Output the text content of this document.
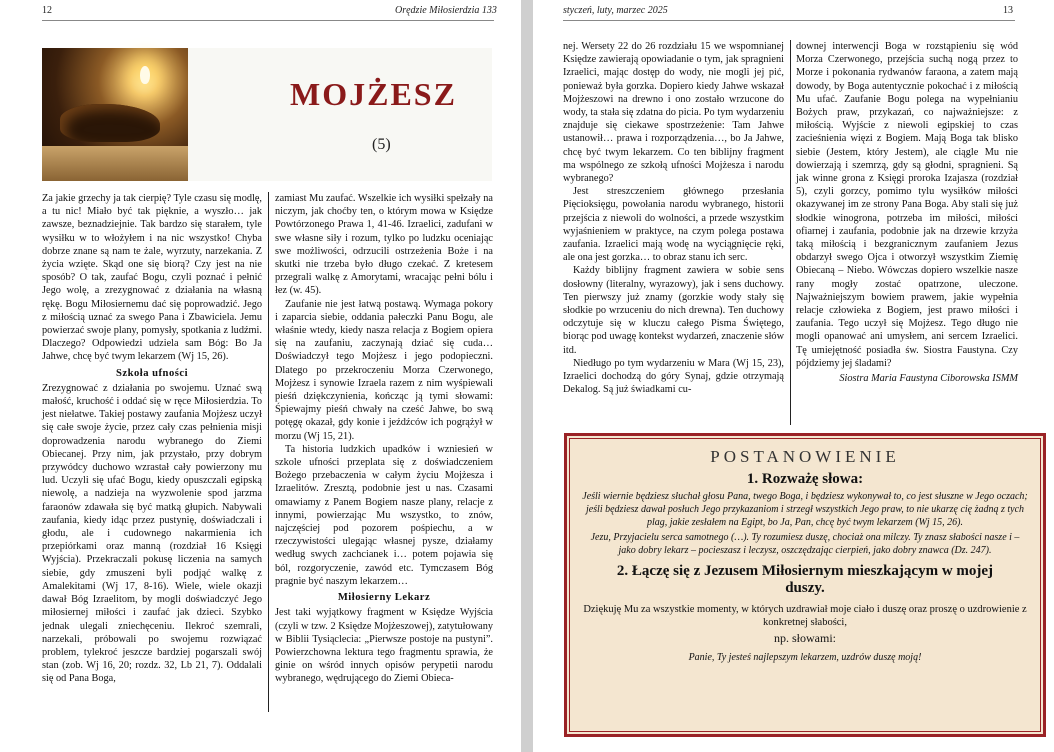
12	Orędzie Miłosierdzia 133
MOJŻESZ
(5)

Za jakie grzechy ja tak cierpię? Tyle czasu się modlę, a tu nic! Miało być tak pięknie, a wyszło… jak zawsze, beznadziejnie. Tak bardzo się starałem, tyle wysiłku w to włożyłem i na nic wszystko! Chyba dobrze znane są nam te żale, wyrzuty, narzekania. Z życia wzięte. Skąd one się biorą? Czy jest na nie sposób? O tak, zaufać Bogu, czyli poznać i pełnić Jego wolę, a zrezygnować z działania na własną rękę. Bogu Miłosiernemu dać się poprowadzić. Jego z miłością uznać za swego Pana i Zbawiciela. Jemu powierzać swoje plany, pomysły, spotkania z ludźmi. Dlaczego? Odpowiedzi udziela sam Bóg: Bo Ja Jahwe, chcę być twym lekarzem (Wj 15, 26).

Szkoła ufności

Zrezygnować z działania po swojemu. Uznać swą małość, kruchość i oddać się w ręce Miłosierdzia. To jest niełatwe. Takiej postawy zaufania Mojżesz uczył się całe swoje życie, przez cały czas pełnienia misji doprowadzenia narodu wybranego do Ziemi Obiecanej. Przy nim, jak przystało, przy dobrym przywódcy duchowo wzrastał cały powierzony mu lud. Uczyli się ufać Bogu, kiedy opuszczali egipską niewolę, a nadzieja na wyzwolenie spod jarzma faraonów zdawała się być matką głupich. Nabywali zaufania, kiedy idąc przez pustynię, doświadczali i głodu, ale i cudownego nakarmienia ich przepiórkami oraz manną (rozdział 16 Księgi Wyjścia). Przekraczali pokusę liczenia na samych siebie, gdy zmuszeni byli podjąć walkę z Amalekitami (Wj 17, 8-16). Wiele, wiele okazji dawał Bóg Izraelitom, by mogli doświadczyć Jego miłosiernej miłości i zaufać jak dzieci. Szybko jednak ulegali zniechęceniu. Ilekroć szemrali, narzekali, próbowali po swojemu rozwiązać problem, tylekroć jeszcze bardziej pogarszali swój stan (zob. Wj 16, 20; rozdz. 32, Lb 21, 7). Oddalali się od Pana Boga,

zamiast Mu zaufać. Wszelkie ich wysiłki spełzały na niczym, jak choćby ten, o którym mowa w Księdze Powtórzonego Prawa 1, 41-46. Izraelici, zadufani w swe własne siły i rozum, tylko po ludzku oceniając swe możliwości, odrzucili ostrzeżenia Boże i na skutki nie trzeba było długo czekać. Z kretesem przegrali walkę z Amorytami, wracając pełni bólu i łez (w. 45).

Zaufanie nie jest łatwą postawą. Wymaga pokory i zaparcia siebie, oddania pałeczki Panu Bogu, ale właśnie wtedy, kiedy nasza relacja z Bogiem opiera się na zaufaniu, zaczynają dziać się cuda… Doświadczył tego Mojżesz i jego podopieczni. Dlatego po przekroczeniu Morza Czerwonego, Mojżesz i synowie Izraela razem z nim wyśpiewali pieśń dziękczynienia, kończąc ją tymi słowami: Śpiewajmy pieśń chwały na cześć Jahwe, bo swą potęgę okazał, gdy konie i jeźdźców ich pogrążył w morzu (Wj 15, 21).

Ta historia ludzkich upadków i wzniesień w szkole ufności przeplata się z doświadczeniem Bożego przebaczenia w całym życiu Mojżesza i Izraelitów. Zresztą, podobnie jest u nas. Czasami omawiamy z Panem Bogiem nasze plany, relacje z innymi, powierzając Mu wszystko, to znów, najczęściej pod pozorem pośpiechu, a w rzeczywistości ulegając własnej pysze, działamy według swych zachcianek i… potem pojawia się ból, rozgoryczenie, zawód etc. Tymczasem Bóg pragnie być naszym lekarzem…

Miłosierny Lekarz

Jest taki wyjątkowy fragment w Księdze Wyjścia (czyli w tzw. 2 Księdze Mojżeszowej), zatytułowany w Biblii Tysiąclecia: „Pierwsze postoje na pustyni”. Powierzchowna lektura tego fragmentu sprawia, że ginie on wśród innych opisów perypetii narodu wybranego, wędrującego do Ziemi Obieca-

styczeń, luty, marzec 2025	13

nej. Wersety 22 do 26 rozdziału 15 we wspomnianej Księdze zawierają opowiadanie o tym, jak spragnieni Izraelici, mając dostęp do wody, nie mogli jej pić, ponieważ była gorzka. Dopiero kiedy Jahwe wskazał Mojżeszowi na drewno i ono zostało wrzucone do wody, ta stała się zdatna do picia. Po tym wydarzeniu znajduje się ciekawe spostrzeżenie: Tam Jahwe ustanowił… prawa i rozporządzenia…, bo Ja Jahwe, chcę być twym lekarzem. Co ten biblijny fragment ma wspólnego ze szkołą ufności Mojżesza i narodu wybranego?

Jest streszczeniem głównego przesłania Pięcioksięgu, powołania narodu wybranego, historii przejścia z niewoli do wolności, a przede wszystkim wyjaśnieniem w praktyce, na czym polega postawa zaufania. Izraelici mają wodę na wyciągnięcie ręki, ale ona jest gorzka… to obraz stanu ich serc.

Każdy biblijny fragment zawiera w sobie sens dosłowny (literalny, wyrazowy), jak i sens duchowy. Ten pierwszy już znamy (gorzkie wody stały się słodkie po wrzuceniu do nich drewna). Ten duchowy odczytuje się w kluczu całego Pisma Świętego, biorąc pod uwagę kontekst wydarzeń, znaczenie słów itd.

Niedługo po tym wydarzeniu w Mara (Wj 15, 23), Izraelici dochodzą do góry Synaj, gdzie otrzymają Dekalog. Są już świadkami cu-

downej interwencji Boga w rozstąpieniu się wód Morza Czerwonego, przejścia suchą nogą przez to Morze i pokonania rydwanów faraona, a zatem mają dowody, by Boga autentycznie pokochać i z miłością Mu ufać. Zaufanie Bogu polega na wypełnianiu Bożych praw, przykazań, co najważniejsze: z miłością. Wyjście z niewoli egipskiej to czas zacieśnienia więzi z Bogiem. Mają Boga tak blisko siebie (Jestem, który Jestem), ale ciągle Mu nie dowierzają i szemrzą, gdy są głodni, spragnieni. Są jak winne grona z Księgi proroka Izajasza (rozdział 5), czyli gorzcy, pomimo tylu wysiłków miłości okazywanej im ze strony Pana Boga. Aby stali się już słodkie winogrona, potrzeba im miłości, miłości ofiarnej i zaufania, podobnie jak na drzewie krzyża taką miłością i bezgranicznym zaufaniem Jezus obdarzył swego Ojca i otworzył wszystkim Ziemię Obiecaną – Niebo. Wówczas dopiero wszelkie nasze rany mogły zostać opatrzone, uleczone. Najważniejszym bowiem prawem, jakie wypełnia relacje człowieka z Bogiem, jest prawo miłości i zaufania. Tego uczył się Mojżesz. Tego długo nie mogli opanować ani umysłem, ani sercem Izraelici. Tę umiejętność posiadła św. Siostra Faustyna. Czy pójdziemy jej śladami?

Siostra Maria Faustyna Ciborowska ISMM
POSTANOWIENIE
1. Rozważę słowa:
Jeśli wiernie będziesz słuchał głosu Pana, twego Boga, i będziesz wykonywał to, co jest słuszne w Jego oczach; jeśli będziesz dawał posłuch Jego przykazaniom i strzegł wszystkich Jego praw, to nie ukarzę cię żadną z tych plag, jakie zesłałem na Egipt, bo Ja, Pan, chcę być twym lekarzem (Wj 15, 26).
Jezu, Przyjacielu serca samotnego (…). Ty rozumiesz duszę, chociaż ona milczy. Ty znasz słabości naszе i – jako dobry lekarz – pocieszasz i leczysz, oszczędzając cierpień, jako dobry znawca (Dz. 247).
2. Łączę się z Jezusem Miłosiernym mieszkającym w mojej duszy.
Dziękuję Mu za wszystkie momenty, w których uzdrawiał moje ciało i duszę oraz proszę o uzdrowienie z konkretnej słabości,
np. słowami:
Panie, Ty jesteś najlepszym lekarzem, uzdrów duszę moją!
